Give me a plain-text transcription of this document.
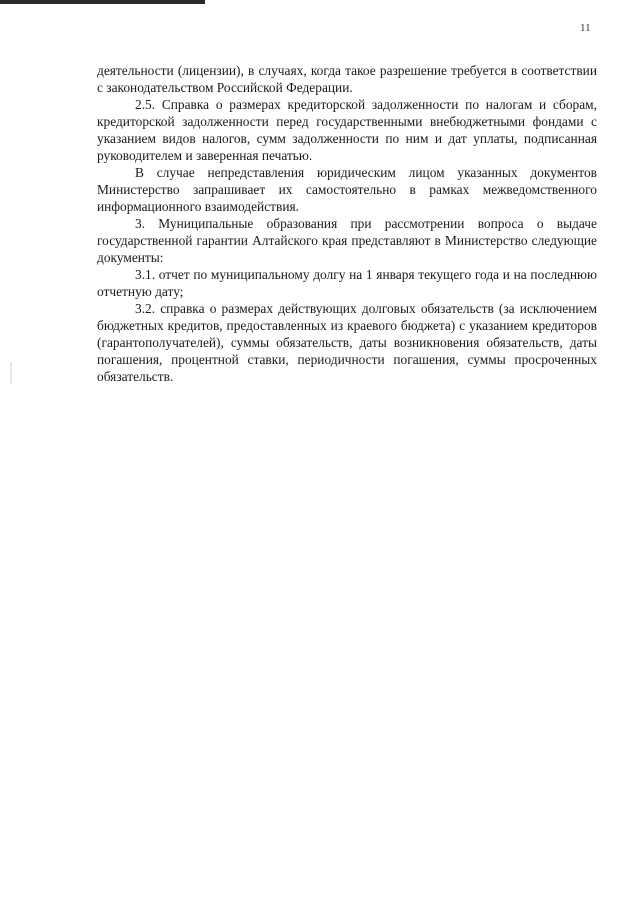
11

деятельности (лицензии), в случаях, когда такое разрешение требуется в соответствии с законодательством Российской Федерации.

2.5. Справка о размерах кредиторской задолженности по налогам и сборам, кредиторской задолженности перед государственными внебюджетными фондами с указанием видов налогов, сумм задолженности по ним и дат уплаты, подписанная руководителем и заверенная печатью.

В случае непредставления юридическим лицом указанных документов Министерство запрашивает их самостоятельно в рамках межведомственного информационного взаимодействия.

3. Муниципальные образования при рассмотрении вопроса о выдаче государственной гарантии Алтайского края представляют в Министерство следующие документы:

3.1. отчет по муниципальному долгу на 1 января текущего года и на последнюю отчетную дату;

3.2. справка о размерах действующих долговых обязательств (за исключением бюджетных кредитов, предоставленных из краевого бюджета) с указанием кредиторов (гарантополучателей), суммы обязательств, даты возникновения обязательств, даты погашения, процентной ставки, периодичности погашения, суммы просроченных обязательств.
